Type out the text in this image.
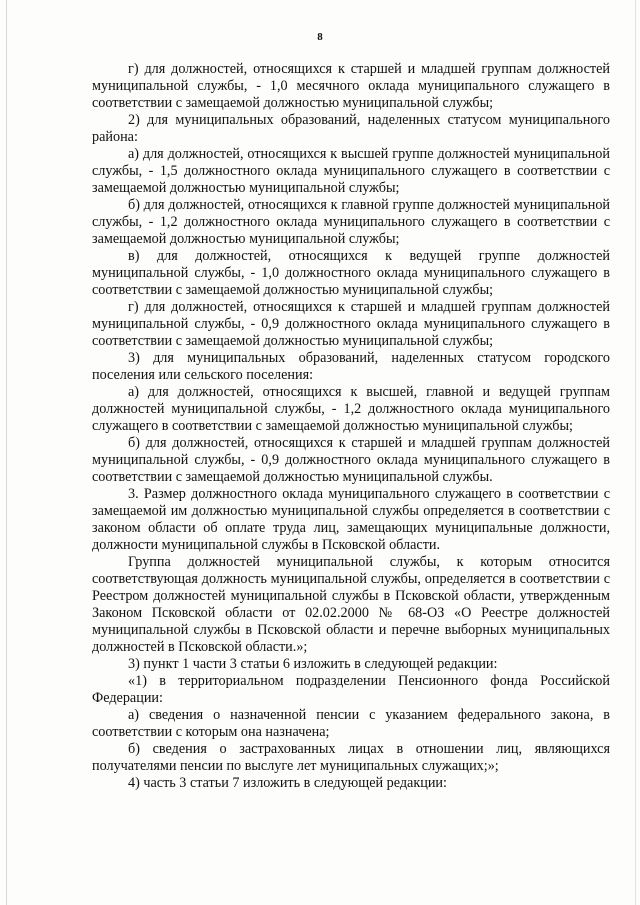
8

г) для должностей, относящихся к старшей и младшей группам должностей муниципальной службы, - 1,0 месячного оклада муниципального служащего в соответствии с замещаемой должностью муниципальной службы;

2) для муниципальных образований, наделенных статусом муниципального района:

а) для должностей, относящихся к высшей группе должностей муниципальной службы, - 1,5 должностного оклада муниципального служащего в соответствии с замещаемой должностью муниципальной службы;

б) для должностей, относящихся к главной группе должностей муниципальной службы, - 1,2 должностного оклада муниципального служащего в соответствии с замещаемой должностью муниципальной службы;

в) для должностей, относящихся к ведущей группе должностей муниципальной службы, - 1,0 должностного оклада муниципального служащего в соответствии с замещаемой должностью муниципальной службы;

г) для должностей, относящихся к старшей и младшей группам должностей муниципальной службы, - 0,9 должностного оклада муниципального служащего в соответствии с замещаемой должностью муниципальной службы;

3) для муниципальных образований, наделенных статусом городского поселения или сельского поселения:

а) для должностей, относящихся к высшей, главной и ведущей группам должностей муниципальной службы, - 1,2 должностного оклада муниципального служащего в соответствии с замещаемой должностью муниципальной службы;

б) для должностей, относящихся к старшей и младшей группам должностей муниципальной службы, - 0,9 должностного оклада муниципального служащего в соответствии с замещаемой должностью муниципальной службы.

3. Размер должностного оклада муниципального служащего в соответствии с замещаемой им должностью муниципальной службы определяется в соответствии с законом области об оплате труда лиц, замещающих муниципальные должности, должности муниципальной службы в Псковской области.

Группа должностей муниципальной службы, к которым относится соответствующая должность муниципальной службы, определяется в соответствии с Реестром должностей муниципальной службы в Псковской области, утвержденным Законом Псковской области от 02.02.2000 № 68-ОЗ «О Реестре должностей муниципальной службы в Псковской области и перечне выборных муниципальных должностей в Псковской области.»;

3) пункт 1 части 3 статьи 6 изложить в следующей редакции:

«1) в территориальном подразделении Пенсионного фонда Российской Федерации:

а) сведения о назначенной пенсии с указанием федерального закона, в соответствии с которым она назначена;

б) сведения о застрахованных лицах в отношении лиц, являющихся получателями пенсии по выслуге лет муниципальных служащих;»;

4) часть 3 статьи 7 изложить в следующей редакции:
